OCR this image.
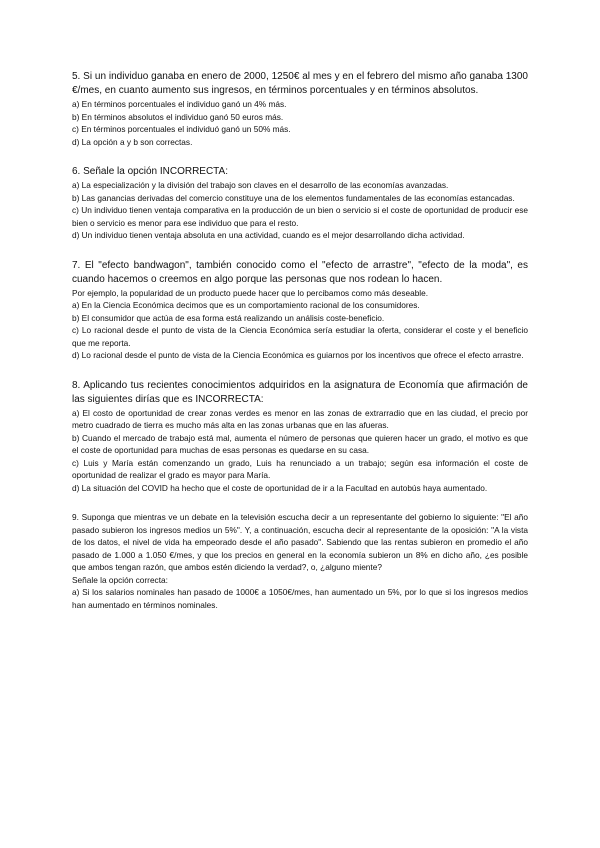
5. Si un individuo ganaba en enero de 2000, 1250€ al mes y en el febrero del mismo año ganaba 1300 €/mes, en cuanto aumento sus ingresos, en términos porcentuales y en términos absolutos.

a) En términos porcentuales el individuo ganó un 4% más.

b) En términos absolutos el individuo ganó 50 euros más.

c) En términos porcentuales el individuó ganó un 50% más.

d) La opción a y b son correctas.

6. Señale la opción INCORRECTA:

a) La especialización y la división del trabajo son claves en el desarrollo de las economías avanzadas.

b) Las ganancias derivadas del comercio constituye una de los elementos fundamentales de las economías estancadas.

c) Un individuo tienen ventaja comparativa en la producción de un bien o servicio si el coste de oportunidad de producir ese bien o servicio es menor para ese individuo que para el resto.

d) Un individuo tienen ventaja absoluta en una actividad, cuando es el mejor desarrollando dicha actividad.

7. El "efecto bandwagon", también conocido como el "efecto de arrastre", "efecto de la moda", es cuando hacemos o creemos en algo porque las personas que nos rodean lo hacen.

Por ejemplo, la popularidad de un producto puede hacer que lo percibamos como más deseable.

a) En la Ciencia Económica decimos que es un comportamiento racional de los consumidores.

b) El consumidor que actúa de esa forma está realizando un análisis coste-beneficio.

c) Lo racional desde el punto de vista de la Ciencia Económica sería estudiar la oferta, considerar el coste y el beneficio que me reporta.

d) Lo racional desde el punto de vista de la Ciencia Económica es guiarnos por los incentivos que ofrece el efecto arrastre.

8. Aplicando tus recientes conocimientos adquiridos en la asignatura de Economía que afirmación de las siguientes dirías que es INCORRECTA:

a) El costo de oportunidad de crear zonas verdes es menor en las zonas de extrarradio que en las ciudad, el precio por metro cuadrado de tierra es mucho más alta en las zonas urbanas que en las afueras.

b) Cuando el mercado de trabajo está mal, aumenta el número de personas que quieren hacer un grado, el motivo es que el coste de oportunidad para muchas de esas personas es quedarse en su casa.

c) Luis y María están comenzando un grado, Luis ha renunciado a un trabajo; según esa información el coste de oportunidad de realizar el grado es mayor para María.

d) La situación del COVID ha hecho que el coste de oportunidad de ir a la Facultad en autobús haya aumentado.

9. Suponga que mientras ve un debate en la televisión escucha decir a un representante del gobierno lo siguiente: "El año pasado subieron los ingresos medios un 5%". Y, a continuación, escucha decir al representante de la oposición: "A la vista de los datos, el nivel de vida ha empeorado desde el año pasado". Sabiendo que las rentas subieron en promedio el año pasado de 1.000 a 1.050 €/mes, y que los precios en general en la economía subieron un 8% en dicho año, ¿es posible que ambos tengan razón, que ambos estén diciendo la verdad?, o, ¿alguno miente?

Señale la opción correcta:

a) Si los salarios nominales han pasado de 1000€ a 1050€/mes, han aumentado un 5%, por lo que si los ingresos medios han aumentado en términos nominales.
